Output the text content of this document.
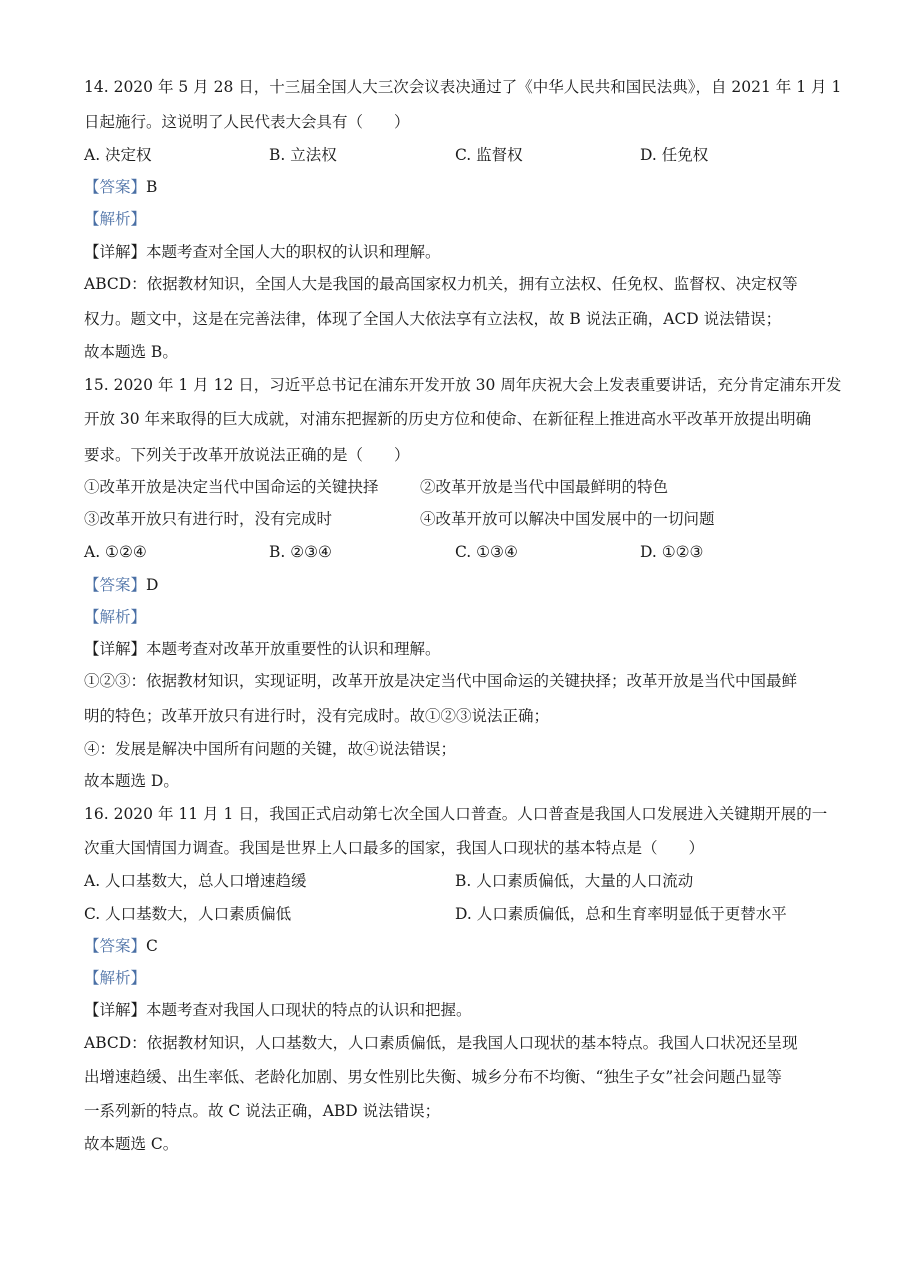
14. 2020 年 5 月 28 日，十三届全国人大三次会议表决通过了《中华人民共和国民法典》，自 2021 年 1 月 1
日起施行。这说明了人民代表大会具有（　　）
A. 决定权	B. 立法权	C. 监督权	D. 任免权
【答案】B
【解析】
【详解】本题考查对全国人大的职权的认识和理解。
ABCD：依据教材知识，全国人大是我国的最高国家权力机关，拥有立法权、任免权、监督权、决定权等
权力。题文中，这是在完善法律，体现了全国人大依法享有立法权，故 B 说法正确，ACD 说法错误；
故本题选 B。
15. 2020 年 1 月 12 日，习近平总书记在浦东开发开放 30 周年庆祝大会上发表重要讲话，充分肯定浦东开发
开放 30 年来取得的巨大成就，对浦东把握新的历史方位和使命、在新征程上推进高水平改革开放提出明确
要求。下列关于改革开放说法正确的是（　　）
①改革开放是决定当代中国命运的关键抉择	②改革开放是当代中国最鲜明的特色
③改革开放只有进行时，没有完成时	④改革开放可以解决中国发展中的一切问题
A. ①②④	B. ②③④	C. ①③④	D. ①②③
【答案】D
【解析】
【详解】本题考查对改革开放重要性的认识和理解。
①②③：依据教材知识，实现证明，改革开放是决定当代中国命运的关键抉择；改革开放是当代中国最鲜
明的特色；改革开放只有进行时，没有完成时。故①②③说法正确；
④：发展是解决中国所有问题的关键，故④说法错误；
故本题选 D。
16. 2020 年 11 月 1 日，我国正式启动第七次全国人口普查。人口普查是我国人口发展进入关键期开展的一
次重大国情国力调查。我国是世界上人口最多的国家，我国人口现状的基本特点是（　　）
A. 人口基数大，总人口增速趋缓	B. 人口素质偏低，大量的人口流动
C. 人口基数大，人口素质偏低	D. 人口素质偏低，总和生育率明显低于更替水平
【答案】C
【解析】
【详解】本题考查对我国人口现状的特点的认识和把握。
ABCD：依据教材知识，人口基数大，人口素质偏低，是我国人口现状的基本特点。我国人口状况还呈现
出增速趋缓、出生率低、老龄化加剧、男女性别比失衡、城乡分布不均衡、“独生子女”社会问题凸显等
一系列新的特点。故 C 说法正确，ABD 说法错误；
故本题选 C。
